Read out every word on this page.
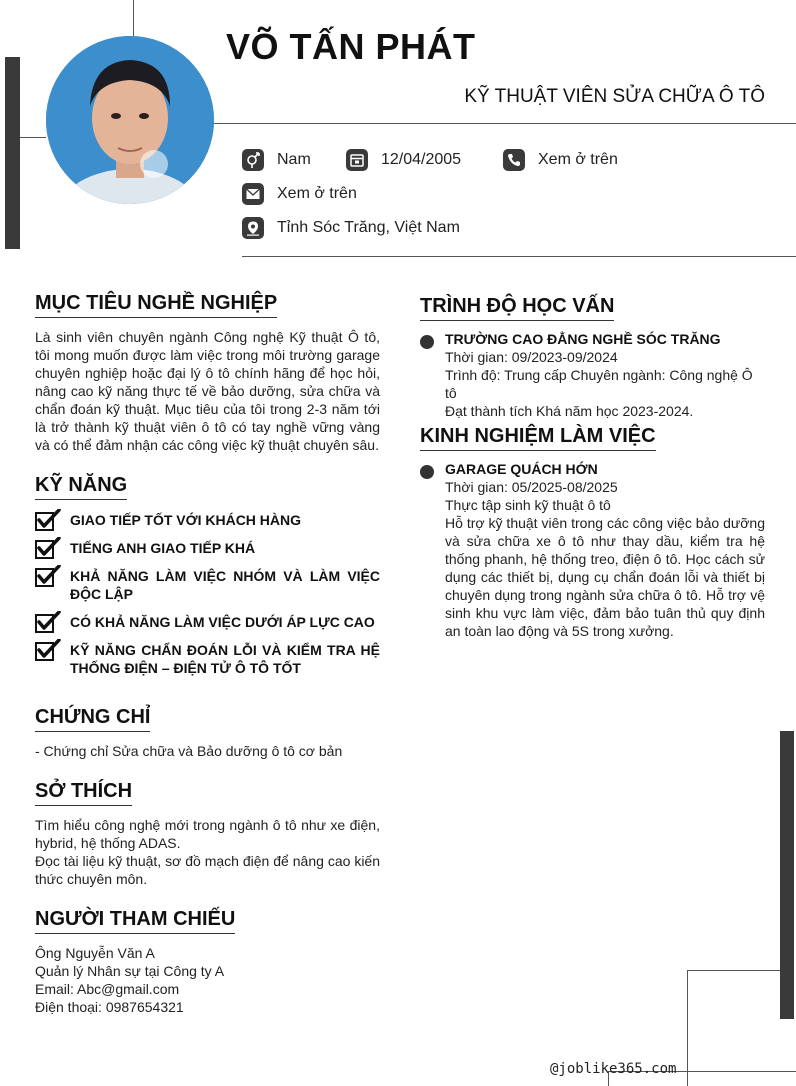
VÕ TẤN PHÁT
KỸ THUẬT VIÊN SỬA CHỮA Ô TÔ
Nam	12/04/2005	Xem ở trên
Xem ở trên
Tỉnh Sóc Trăng, Việt Nam
MỤC TIÊU NGHỀ NGHIỆP
Là sinh viên chuyên ngành Công nghệ Kỹ thuật Ô tô, tôi mong muốn được làm việc trong môi trường garage chuyên nghiệp hoặc đại lý ô tô chính hãng để học hỏi, nâng cao kỹ năng thực tế về bảo dưỡng, sửa chữa và chẩn đoán kỹ thuật. Mục tiêu của tôi trong 2-3 năm tới là trở thành kỹ thuật viên ô tô có tay nghề vững vàng và có thể đảm nhận các công việc kỹ thuật chuyên sâu.
KỸ NĂNG
GIAO TIẾP TỐT VỚI KHÁCH HÀNG
TIẾNG ANH GIAO TIẾP KHÁ
KHẢ NĂNG LÀM VIỆC NHÓM VÀ LÀM VIỆC ĐỘC LẬP
CÓ KHẢ NĂNG LÀM VIỆC DƯỚI ÁP LỰC CAO
KỸ NĂNG CHẨN ĐOÁN LỖI VÀ KIỂM TRA HỆ THỐNG ĐIỆN – ĐIỆN TỬ Ô TÔ TỐT
CHỨNG CHỈ
- Chứng chỉ Sửa chữa và Bảo dưỡng ô tô cơ bản
SỞ THÍCH
Tìm hiểu công nghệ mới trong ngành ô tô như xe điện, hybrid, hệ thống ADAS.
Đọc tài liệu kỹ thuật, sơ đồ mạch điện để nâng cao kiến thức chuyên môn.
NGƯỜI THAM CHIẾU
Ông Nguyễn Văn A
Quản lý Nhân sự tại Công ty A
Email: Abc@gmail.com
Điện thoại: 0987654321
TRÌNH ĐỘ HỌC VẤN
TRƯỜNG CAO ĐẲNG NGHỀ SÓC TRĂNG
Thời gian: 09/2023-09/2024
Trình độ: Trung cấp Chuyên ngành: Công nghệ Ô tô
Đạt thành tích Khá năm học 2023-2024.
KINH NGHIỆM LÀM VIỆC
GARAGE QUÁCH HỚN
Thời gian: 05/2025-08/2025
Thực tập sinh kỹ thuật ô tô
Hỗ trợ kỹ thuật viên trong các công việc bảo dưỡng và sửa chữa xe ô tô như thay dầu, kiểm tra hệ thống phanh, hệ thống treo, điện ô tô. Học cách sử dụng các thiết bị, dụng cụ chẩn đoán lỗi và thiết bị chuyên dụng trong ngành sửa chữa ô tô. Hỗ trợ vệ sinh khu vực làm việc, đảm bảo tuân thủ quy định an toàn lao động và 5S trong xưởng.
@joblike365.com
